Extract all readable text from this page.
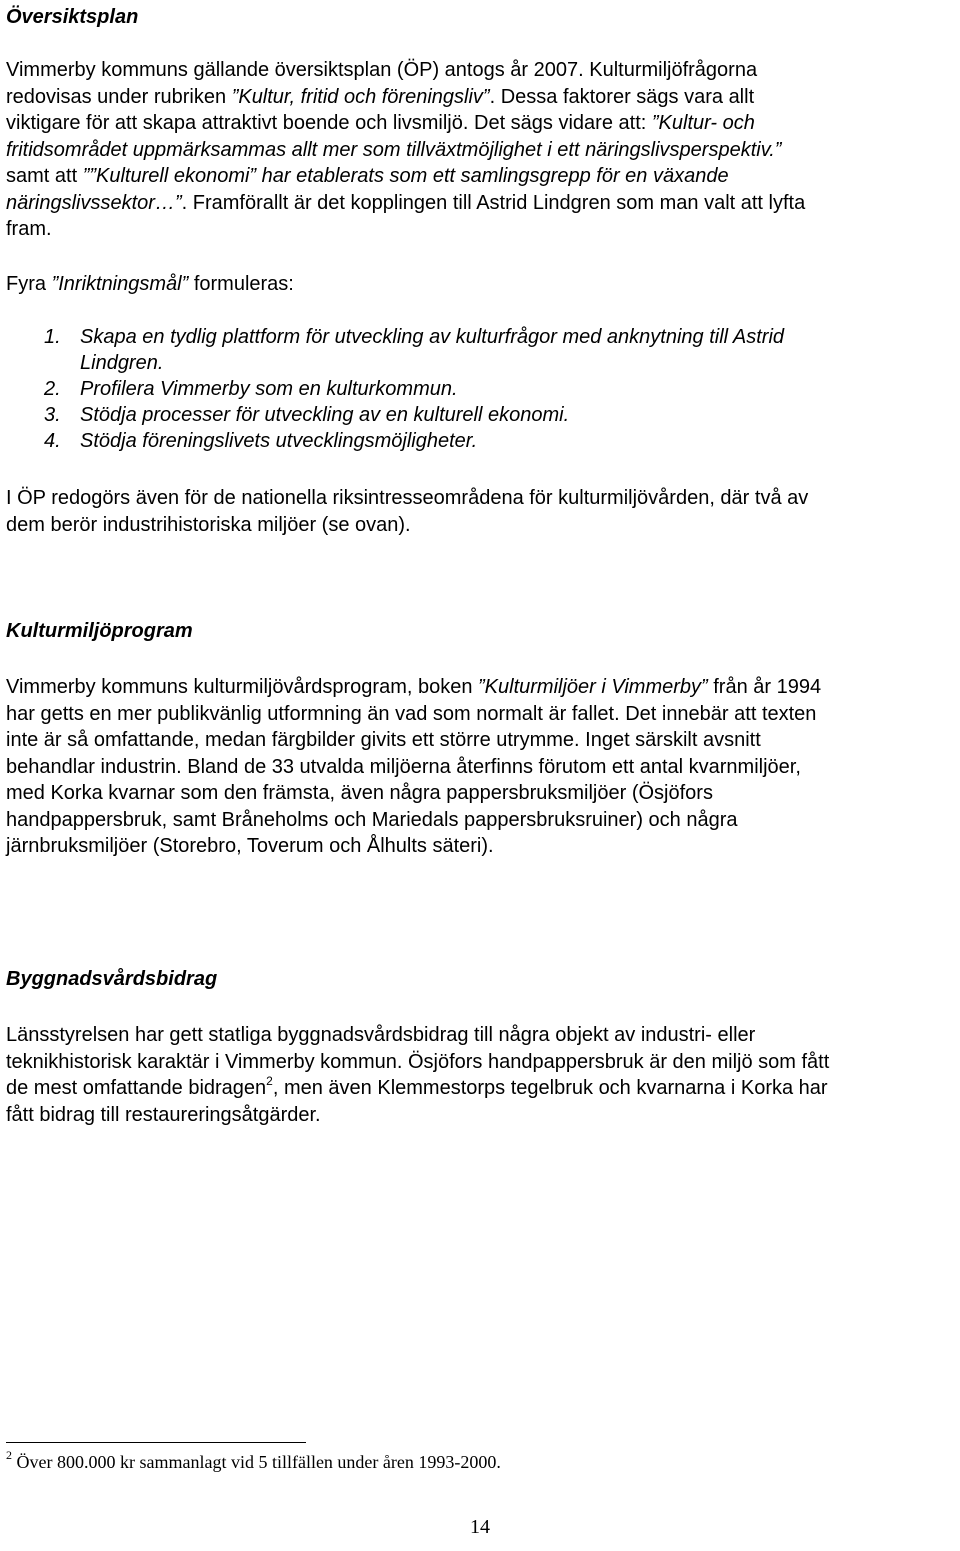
Översiktsplan
Vimmerby kommuns gällande översiktsplan (ÖP) antogs år 2007. Kulturmiljöfrågorna
redovisas under rubriken ”Kultur, fritid och föreningsliv”. Dessa faktorer sägs vara allt
viktigare för att skapa attraktivt boende och livsmiljö. Det sägs vidare att: ”Kultur- och
fritidsområdet uppmärksammas allt mer som tillväxtmöjlighet i ett näringslivsperspektiv.”
samt att ””Kulturell ekonomi” har etablerats som ett samlingsgrepp för en växande
näringslivssektor…”. Framförallt är det kopplingen till Astrid Lindgren som man valt att lyfta
fram.
Fyra ”Inriktningsmål” formuleras:
1. Skapa en tydlig plattform för utveckling av kulturfrågor med anknytning till Astrid
Lindgren.
2. Profilera Vimmerby som en kulturkommun.
3. Stödja processer för utveckling av en kulturell ekonomi.
4. Stödja föreningslivets utvecklingsmöjligheter.
I ÖP redogörs även för de nationella riksintresseområdena för kulturmiljövården, där två av
dem berör industrihistoriska miljöer (se ovan).
Kulturmiljöprogram
Vimmerby kommuns kulturmiljövårdsprogram, boken ”Kulturmiljöer i Vimmerby” från år 1994
har getts en mer publikvänlig utformning än vad som normalt är fallet. Det innebär att texten
inte är så omfattande, medan färgbilder givits ett större utrymme. Inget särskilt avsnitt
behandlar industrin. Bland de 33 utvalda miljöerna återfinns förutom ett antal kvarnmiljöer,
med Korka kvarnar som den främsta, även några pappersbruksmiljöer (Ösjöfors
handpappersbruk, samt Bråneholms och Mariedals pappersbruksruiner) och några
järnbruksmiljöer (Storebro, Toverum och Ålhults säteri).
Byggnadsvårdsbidrag
Länsstyrelsen har gett statliga byggnadsvårdsbidrag till några objekt av industri- eller
teknikhistorisk karaktär i Vimmerby kommun. Ösjöfors handpappersbruk är den miljö som fått
de mest omfattande bidragen$^2$, men även Klemmestorps tegelbruk och kvarnarna i Korka har
fått bidrag till restaureringsåtgärder.

$^2$ Över 800.000 kr sammanlagt vid 5 tillfällen under åren 1993-2000.

14
